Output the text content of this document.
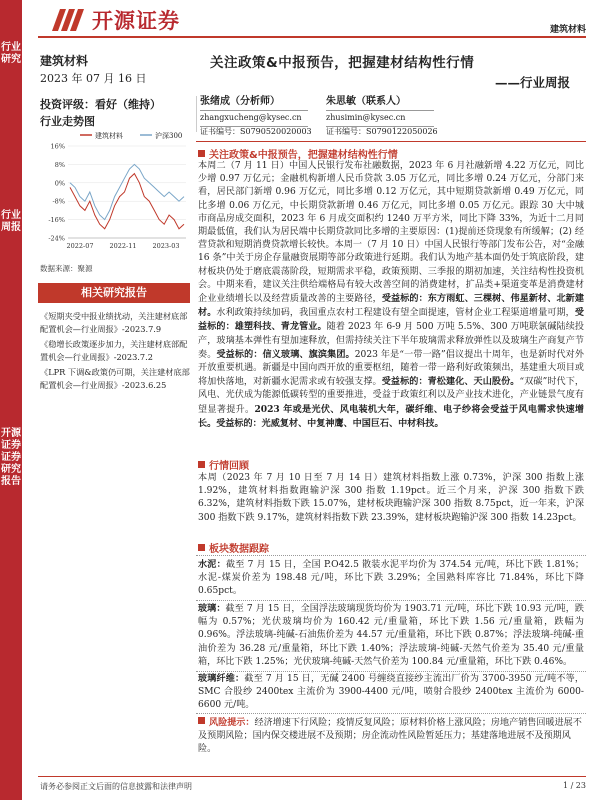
行业研究
行业周报
开源证券 证券研究报告
开源证券	建筑材料
建筑材料
2023 年 07 月 16 日
投资评级：看好（维持）
行业走势图
建筑材料	沪深300
16%
8%
0%
-8%
-16%
-24%
2022-07 2022-11 2023-03
数据来源：聚源
相关研究报告

《短期夹受中报业绩扰动，关注建材底部配置机会—行业周报》-2023.7.9

《稳增长政策逐步加力，关注建材底部配置机会—行业周报》-2023.7.2

《LPR 下调&政策仍可期，关注建材底部配置机会—行业周报》-2023.6.25

关注政策&中报预告，把握建材结构性行情
——行业周报
张绪成（分析师）
zhangxucheng@kysec.cn
证书编号：S0790520020003
朱思敏（联系人）
zhusimin@kysec.cn
证书编号：S0790122050026
关注政策&中报预告，把握建材结构性行情
本周二（7 月 11 日）中国人民银行发布社融数据，2023 年 6 月社融新增 4.22 万亿元，同比少增 0.97 万亿元；金融机构新增人民币贷款 3.05 万亿元，同比多增 0.24 万亿元，分部门来看，居民部门新增 0.96 万亿元，同比多增 0.12 万亿元，其中短期贷款新增 0.49 万亿元，同比多增 0.06 万亿元，中长期贷款新增 0.46 万亿元，同比多增 0.05 万亿元。跟踪 30 大中城市商品房成交面积，2023 年 6 月成交面积约 1240 万平方米，同比下降 33%，为近十二月同期最低值，我们认为居民端中长期贷款同比多增的主要原因：(1)提前还贷现象有所缓解；(2) 经营贷款和短期消费贷款增长较快。本周一（7 月 10 日）中国人民银行等部门发布公告，对“金融 16 条”中关于房企存量融资展期等部分政策进行延期。我们认为地产基本面仍处于筑底阶段，建材板块仍处于磨底震荡阶段，短期需求平稳，政策预期、三季报的期初加速，关注结构性投资机会。中期来看，建议关注供给端格局有较大改善空间的消费建材，扩品类+渠道变革是消费建材企业业绩增长以及经营质量改善的主要路径，受益标的：东方雨虹、三棵树、伟星新材、北新建材。水利政策持续加码，我国重点农村工程建设有望全面提速，管材企业工程渠道增量可期，受益标的：雄塑科技、青龙管业。随着 2023 年 6-9 月 500 万吨 5.5%、300 万吨联氯碱陆续投产，玻璃基本弹性有望加速释放，但需持续关注下半年玻璃需求释放弹性以及玻璃生产商复产节奏。受益标的：信义玻璃、旗滨集团。2023 年是“一带一路”倡议提出十周年，也是新时代对外开放重要机遇。新疆是中国向西开放的重要枢纽，随着一带一路利好政策频出，基建重大项目或将加快落地，对新疆水泥需求或有较强支撑。受益标的：青松建化、天山股份。“双碳”时代下，风电、光伏成为能源低碳转型的重要推进，受益于政策红利以及产业技术进化，产业链景气度有望显著提升。2023 年或是光伏、风电装机大年，碳纤维、电子纱将会受益于风电需求快速增长。受益标的：光威复材、中复神鹰、中国巨石、中材科技。
行情回顾
本周（2023 年 7 月 10 日至 7 月 14 日）建筑材料指数上涨 0.73%，沪深 300 指数上涨 1.92%，建筑材料指数跑输沪深 300 指数 1.19pct。近三个月来，沪深 300 指数下跌 6.32%，建筑材料指数下跌 15.07%，建材板块跑输沪深 300 指数 8.75pct，近一年来，沪深 300 指数下跌 9.17%，建筑材料指数下跌 23.39%，建材板块跑输沪深 300 指数 14.23pct。
板块数据跟踪
水泥：截至 7 月 15 日，全国 P.O42.5 散装水泥平均价为 374.54 元/吨，环比下跌 1.81%；水泥-煤炭价差为 198.48 元/吨，环比下跌 3.29%；全国熟料库容比 71.84%，环比下降 0.65pct。
玻璃：截至 7 月 15 日，全国浮法玻璃现货均价为 1903.71 元/吨，环比下跌 10.93 元/吨，跌幅为 0.57%；光伏玻璃均价为 160.42 元/重量箱，环比下跌 1.56 元/重量箱，跌幅为 0.96%。浮法玻璃-纯碱-石油焦价差为 44.57 元/重量箱，环比下跌 0.87%；浮法玻璃-纯碱-重油价差为 36.28 元/重量箱，环比下跌 1.40%；浮法玻璃-纯碱-天然气价差为 35.40 元/重量箱，环比下跌 1.25%；光伏玻璃-纯碱-天然气价差为 100.84 元/重量箱，环比下跌 0.46%。
玻璃纤维：截至 7 月 15 日，无碱 2400 号缠绕直接纱主流出厂价为 3700-3950 元/吨不等，SMC 合股纱 2400tex 主流价为 3900-4400 元/吨，喷射合股纱 2400tex 主流价为 6000-6600 元/吨。
风险提示：经济增速下行风险；疫情反复风险；原材料价格上涨风险；房地产销售回暖进展不及预期风险；国内保交楼进展不及预期；房企流动性风险暂延压力；基建落地进展不及预期风险。
请务必参阅正文后面的信息披露和法律声明	1 / 23
